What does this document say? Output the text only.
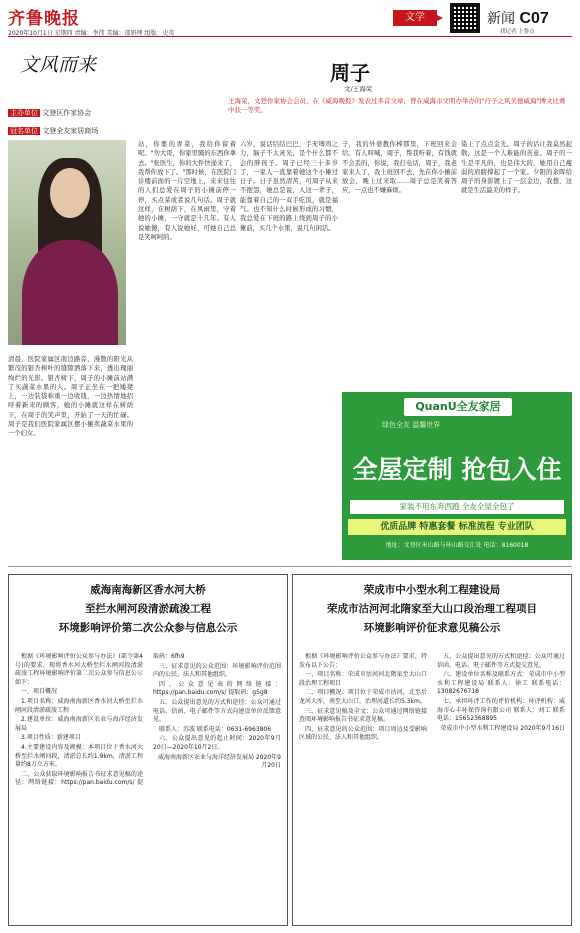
齐鲁晚报
2020年10月1日 星期四 责编：李伟 美编：邵妍理 组版：史英
文学	新闻 C07
找记者 上鲁点
文风而来
主办单位 文登区作家协会
冠名单位 文登全友家居商场
周子
文/王海荣
王海荣，文登作家协会会员，在《威海晚报》发表过多首文章，曾在威海市文明办举办的"荇子之风美德威海"博文比赛中获一等奖。
清晨，医院家属区南边路旁，漫散的阳光从繁茂的银杏树叶的缝隙洒落下来，透出瑰丽绚烂的光影。银杏树下，周子的小摊前站满了买蔬菜水果的人。周子正坐在一把矮凳上，一边装袋称重一边收钱，一边热情地招呼着新来的顾客，她的小摊就这样在树荫下，在周子的笑声里，开始了一天的忙碌。周子是我们医院家属区摆小摊卖蔬菜水果的一个妇女。
站，你要的青菜，我给你留着呢。"勿大哥，你家里腌的东西你拿去。"张医生，你的大件快递来了，我帮你放下了。"那时候，在医院门诊楼前面的一片空地上，来来往往的人们总爱在周子的小摊前停一停，买点菜或者说几句话。周子就这样，在树荫下，在风雨里，守着她的小摊，一守就是十几年。有人说她傻，有人说她好，可她自己总是笑呵呵的。
六岁，说话结结巴巴，手无缚鸡之力，脑子不太灵光，是个什么都不会的胖孩子。周子已经三十多岁了，一家人一直靠着她这个小摊过日子。日子虽然清苦，可周子从来不抱怨，她总是说，人这一辈子，能靠着自己的一双手吃饭，就是福气。也不知什么时候形成的习惯，我总爱在下班的路上绕到周子的小摊前，买几个水果，说几句闲话。
子，我的外婆教你棒那里，下班回来会给。有人叫喊，周子，帮我听着，有钱就不会丢的，你说，我打电话，周子，我老家来人了，我上班回不去，先在你小摊前放会，晚上过来取……周子总是笑着答应，一点也不嫌麻烦。
染上了点点金光。周子的话让我莫然起敬，这是一个人难能的善意。周子的一生是平凡的，也是伟大的，她用自己瘦弱的肩膀撑起了一个家。夕阳的余晖给周子的身影镀上了一层金边，我想，这就是生活最美的样子。
QuanU全友家居
绿色全友 温馨世界
全屋定制 抢包入住
家装不用东奔西跑 全友全屋全包了
优质品牌 特惠套餐 标准流程 专业团队
地址：文登区米山路与环山路交汇处 电话：8160018
威海南海新区香水河大桥
至拦水闸河段清淤疏浚工程
环境影响评价第二次公众参与信息公示

根据《环境影响评价公众参与办法》(部令第4号)的要求，现将香水河大桥至拦水闸河段清淤疏浚工程环境影响评价第二次公众参与信息公示如下：

一、项目概况

1.项目名称：威海南海新区香水河大桥至拦水闸河段清淤疏浚工程

2.建设单位：威海南海新区农业与海洋经济发展局

3.项目性质：新建项目

4.主要建设内容及规模：本项目位于香水河大桥至拦水闸河段，清淤总长约1.9km，清淤工程量约8万立方米。

二、公众获取环境影响报告书征求意见稿的途径：网络链接：https://pan.baidu.com/s/ 提取码：6fh9

三、征求意见的公众范围：环境影响评价范围内的公民、法人和其他组织。

四、公众意见表的网络链接：https://pan.baidu.com/s/ 提取码：g5g8

五、公众提出意见的方式和途径：公众可通过电话、信函、电子邮件等方式向建设单位反馈意见。

联系人：苏波 联系电话：0631-6963806

六、公众提出意见的起止时间：2020年9月20日—2020年10月2日。

威海南海新区农业与海洋经济发展局 2020年9月20日

荣成市中小型水利工程建设局
荣成市沽河河北隋家至大山口段治理工程项目
环境影响评价征求意见稿公示

根据《环境影响评价公众参与办法》要求，特发布以下公告：

一、项目名称：荣成市沽河河北隋家至大山口段治理工程项目

二、项目概况：项目位于荣成市沽河，北至后龙河大库，南至大山口，治理河道长约5.3km。

三、征求意见稿及全文：公众可通过网络链接查阅环境影响报告书征求意见稿。

四、征求意见的公众范围：项目周边及受影响区域的公民、法人和其他组织。

五、公众提出意见的方式和途径：公众可通过信函、电话、电子邮件等方式提交意见。

六、建设单位名称及联系方式：荣成市中小型水利工程建设局 联系人：徐工 联系电话：13082676718

七、承担环评工作的评价机构：环评机构：威海市心丰环保咨询有限公司 联系人：刘工 联系电话：15652368895

荣成市中小型水利工程建设局 2020年9月16日
